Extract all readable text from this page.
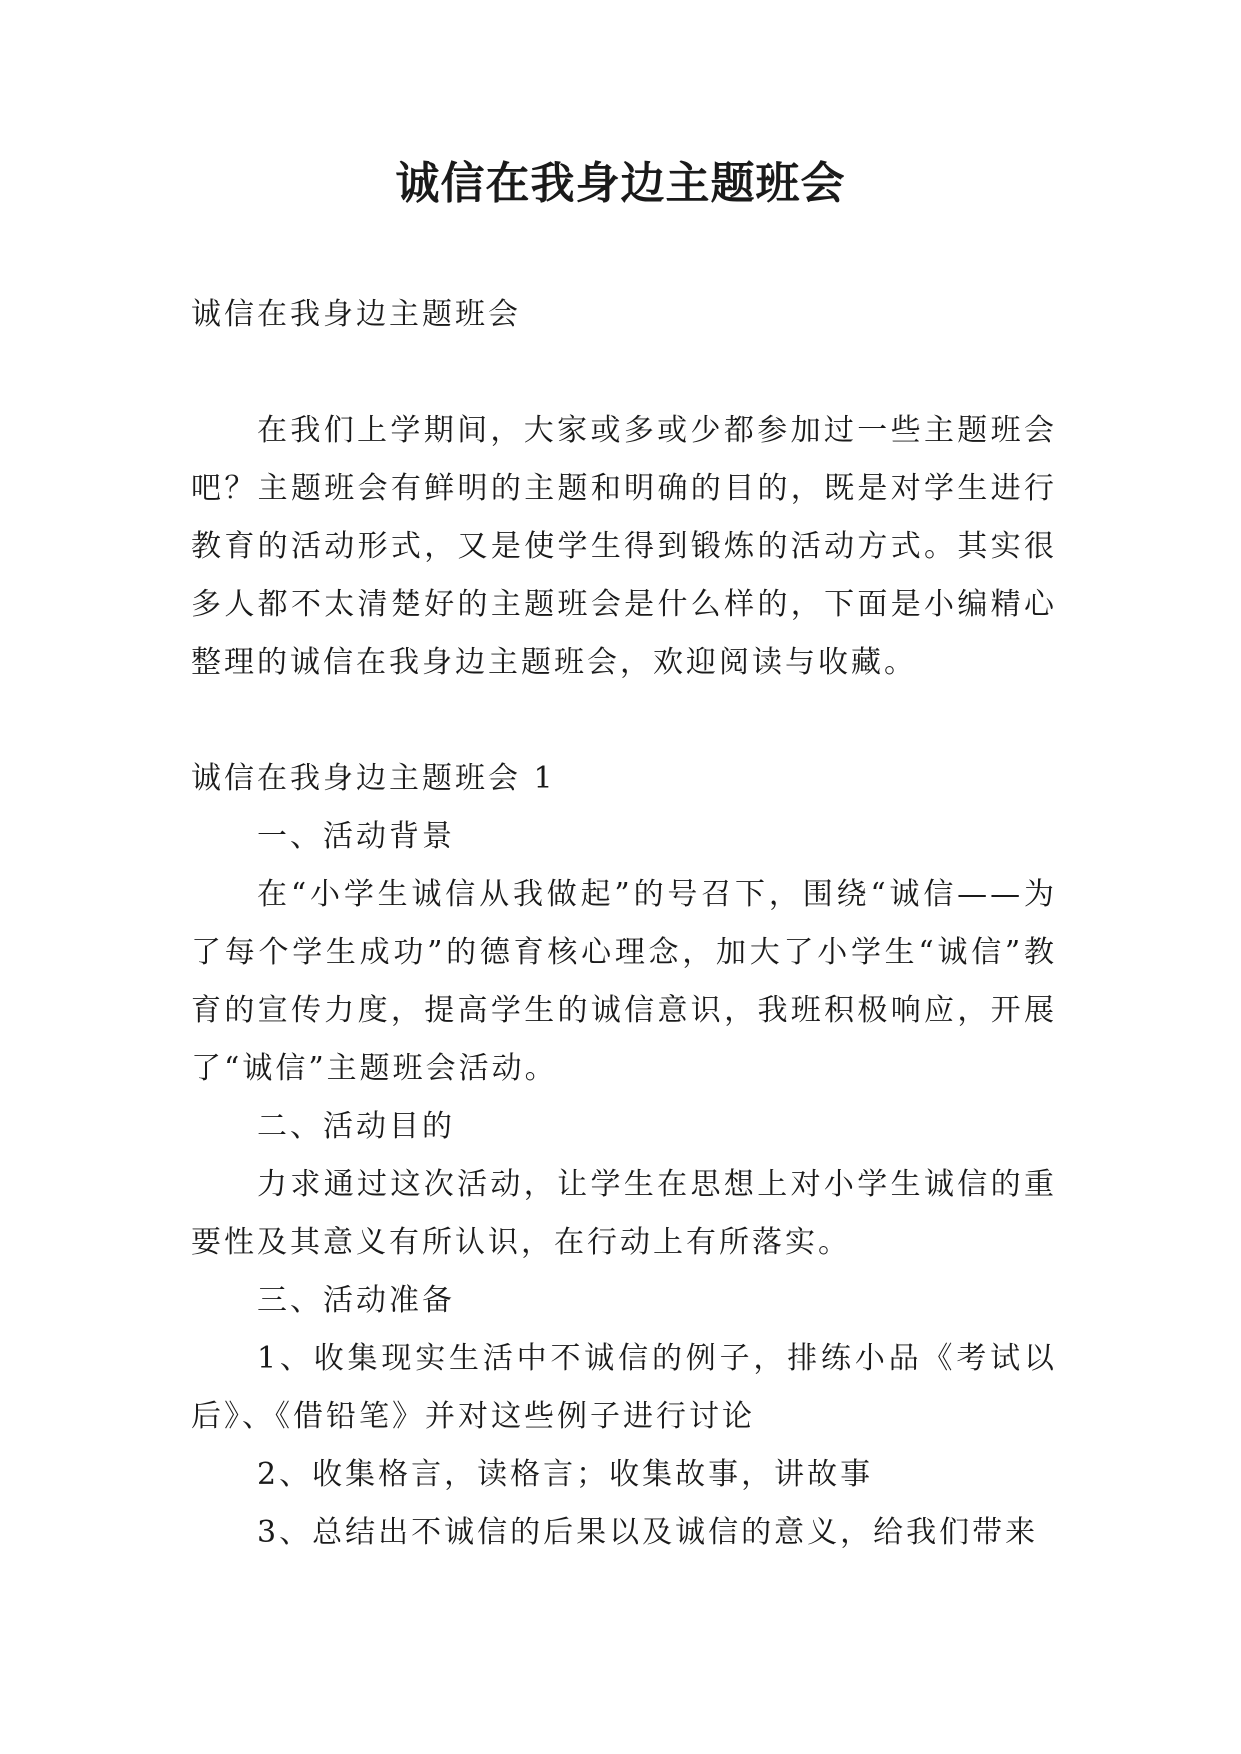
诚信在我身边主题班会

诚信在我身边主题班会

在我们上学期间，大家或多或少都参加过一些主题班会吧？主题班会有鲜明的主题和明确的目的，既是对学生进行教育的活动形式，又是使学生得到锻炼的活动方式。其实很多人都不太清楚好的主题班会是什么样的，下面是小编精心整理的诚信在我身边主题班会，欢迎阅读与收藏。

诚信在我身边主题班会 1

一、活动背景

在“小学生诚信从我做起”的号召下，围绕“诚信——为了每个学生成功”的德育核心理念，加大了小学生“诚信”教育的宣传力度，提高学生的诚信意识，我班积极响应，开展了“诚信”主题班会活动。

二、活动目的

力求通过这次活动，让学生在思想上对小学生诚信的重要性及其意义有所认识，在行动上有所落实。

三、活动准备

1、收集现实生活中不诚信的例子，排练小品《考试以后》、《借铅笔》并对这些例子进行讨论

2、收集格言，读格言；收集故事，讲故事

3、总结出不诚信的后果以及诚信的意义，给我们带来
